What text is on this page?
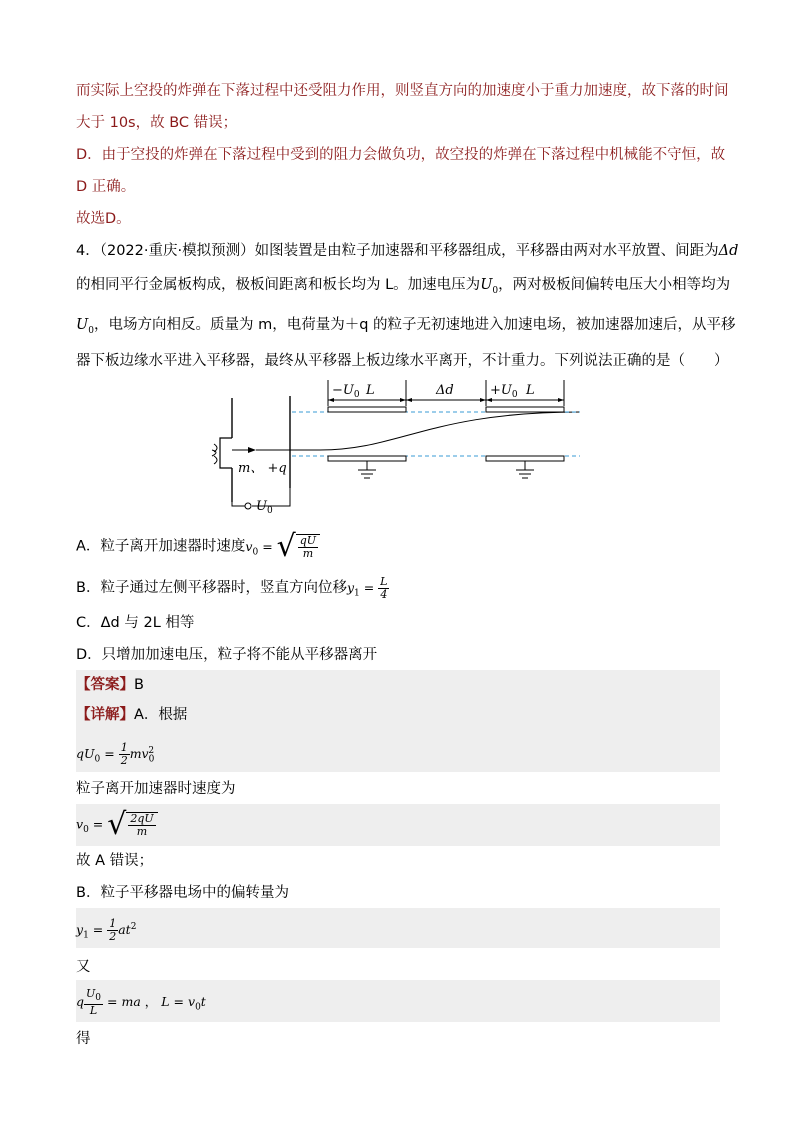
而实际上空投的炸弹在下落过程中还受阻力作用，则竖直方向的加速度小于重力加速度，故下落的时间
大于 10s，故 BC 错误；
D．由于空投的炸弹在下落过程中受到的阻力会做负功，故空投的炸弹在下落过程中机械能不守恒，故
D 正确。
故选D。
4．（2022·重庆·模拟预测）如图装置是由粒子加速器和平移器组成，平移器由两对水平放置、间距为Δd
的相同平行金属板构成，极板间距离和板长均为 L。加速电压为$U_0$，两对极板间偏转电压大小相等均为
$U_0$，电场方向相反。质量为 m，电荷量为＋q 的粒子无初速地进入加速电场，被加速器加速后，从平移
器下板边缘水平进入平移器，最终从平移器上板边缘水平离开，不计重力。下列说法正确的是（　　）
$-U_0$ L	Δd	$+U_0$ L
m、 +q
$U_0$
A．粒子离开加速器时速度$v_0$ = √ $\frac{qU}{m}$
B．粒子通过左侧平移器时，竖直方向位移$y_1 = \frac{L}{4}$
C．Δd 与 2L 相等
D．只增加加速电压，粒子将不能从平移器离开
【答案】B
【详解】A．根据
$qU_0 = \frac{1}{2} mv_0^2$
粒子离开加速器时速度为
$v_0$ = √ $\frac{2qU}{m}$
故 A 错误；
B．粒子平移器电场中的偏转量为
$y_1 = \frac{1}{2} at^2$
又
q $\frac{U_0}{L}$ = ma ， $L = v_0t$
得
